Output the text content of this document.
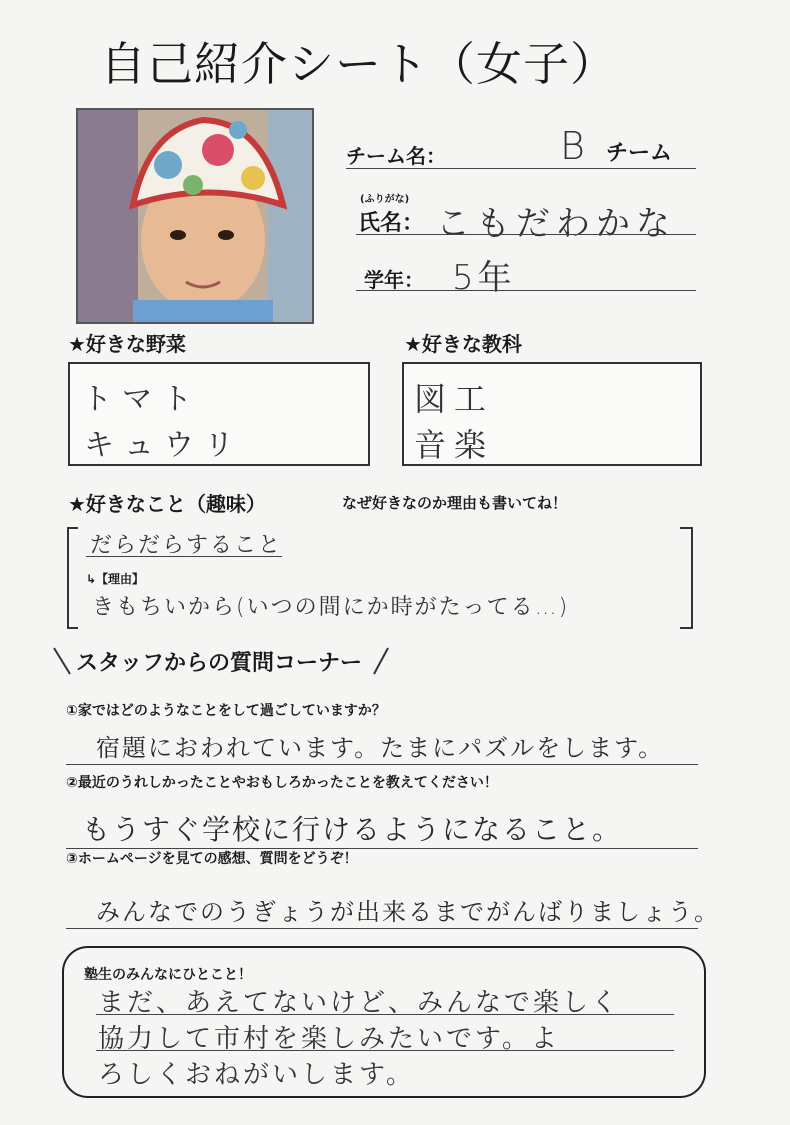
自己紹介シート（女子）
チーム名：	B チーム
(ふりがな)
氏名： こもだわかな
学年： 5年
★好きな野菜
トマト
キュウリ
★好きな教科
図工
音楽
★好きなこと（趣味）	なぜ好きなのか理由も書いてね！
だらだらすること
↳【理由】
きもちいから(いつの間にか時がたってる…)
スタッフからの質問コーナー
①家ではどのようなことをして過ごしていますか？
宿題におわれています。たまにパズルをします。
②最近のうれしかったことやおもしろかったことを教えてください！
もうすぐ学校に行けるようになること。
③ホームページを見ての感想、質問をどうぞ！
みんなでのうぎょうが出来るまでがんばりましょう。
塾生のみんなにひとこと！
まだ、あえてないけど、みんなで楽しく
協力して市村を楽しみたいです。よ
ろしくおねがいします。
